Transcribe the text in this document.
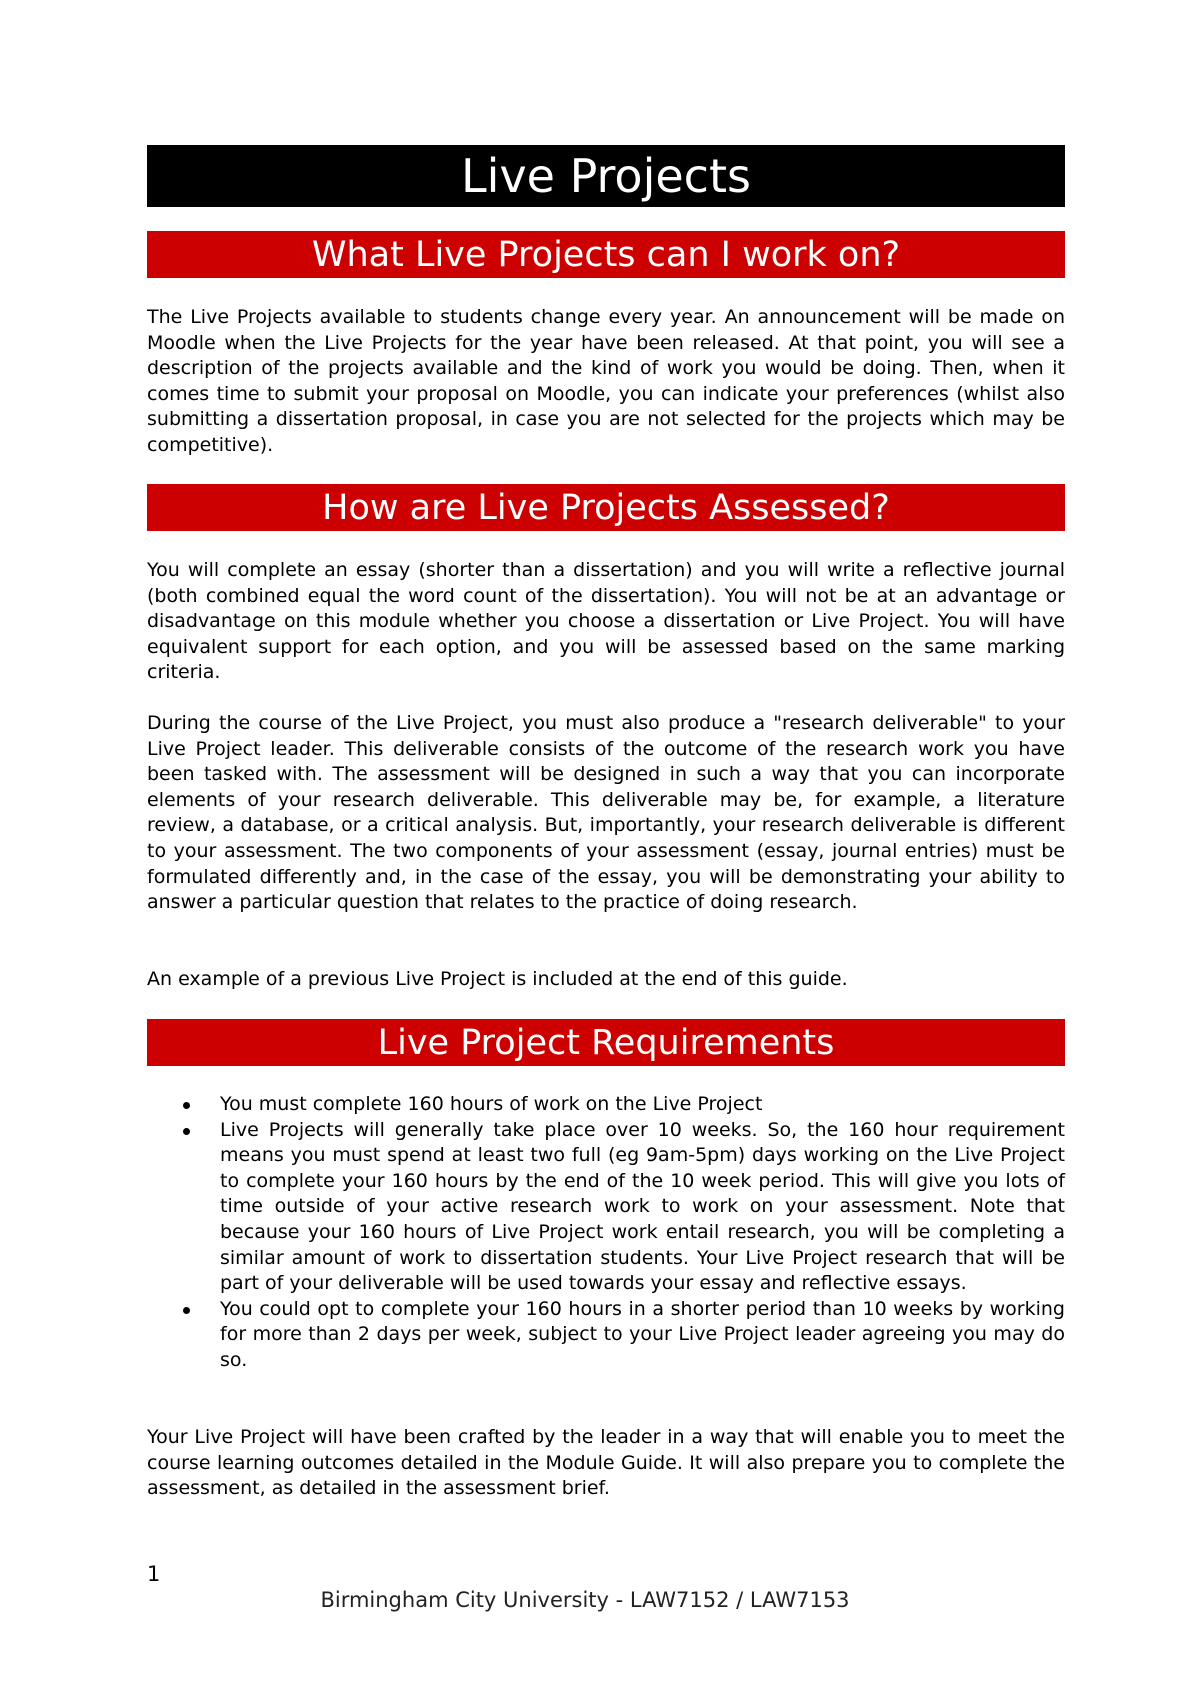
Live Projects
What Live Projects can I work on?

The Live Projects available to students change every year. An announcement will be made on Moodle when the Live Projects for the year have been released. At that point, you will see a description of the projects available and the kind of work you would be doing. Then, when it comes time to submit your proposal on Moodle, you can indicate your preferences (whilst also submitting a dissertation proposal, in case you are not selected for the projects which may be competitive).

How are Live Projects Assessed?

You will complete an essay (shorter than a dissertation) and you will write a reflective journal (both combined equal the word count of the dissertation). You will not be at an advantage or disadvantage on this module whether you choose a dissertation or Live Project. You will have equivalent support for each option, and you will be assessed based on the same marking criteria.

During the course of the Live Project, you must also produce a "research deliverable" to your Live Project leader. This deliverable consists of the outcome of the research work you have been tasked with. The assessment will be designed in such a way that you can incorporate elements of your research deliverable. This deliverable may be, for example, a literature review, a database, or a critical analysis. But, importantly, your research deliverable is different to your assessment. The two components of your assessment (essay, journal entries) must be formulated differently and, in the case of the essay, you will be demonstrating your ability to answer a particular question that relates to the practice of doing research.

An example of a previous Live Project is included at the end of this guide.

Live Project Requirements
You must complete 160 hours of work on the Live Project
Live Projects will generally take place over 10 weeks. So, the 160 hour requirement means you must spend at least two full (eg 9am-5pm) days working on the Live Project to complete your 160 hours by the end of the 10 week period. This will give you lots of time outside of your active research work to work on your assessment. Note that because your 160 hours of Live Project work entail research, you will be completing a similar amount of work to dissertation students. Your Live Project research that will be part of your deliverable will be used towards your essay and reflective essays.
You could opt to complete your 160 hours in a shorter period than 10 weeks by working for more than 2 days per week, subject to your Live Project leader agreeing you may do so.

Your Live Project will have been crafted by the leader in a way that will enable you to meet the course learning outcomes detailed in the Module Guide. It will also prepare you to complete the assessment, as detailed in the assessment brief.

1
Birmingham City University - LAW7152 / LAW7153
